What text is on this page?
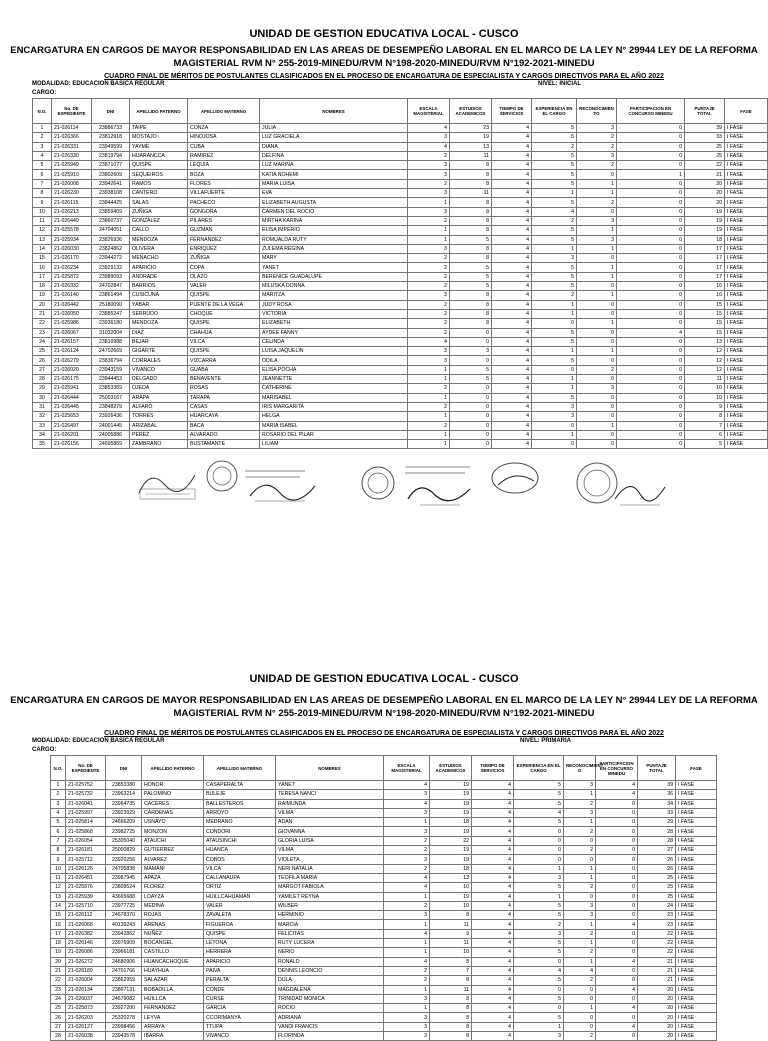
UNIDAD DE GESTION EDUCATIVA LOCAL - CUSCO
ENCARGATURA EN CARGOS DE MAYOR RESPONSABILIDAD EN LAS AREAS DE DESEMPEÑO LABORAL EN EL MARCO DE LA LEY N° 29944 LEY DE LA REFORMA MAGISTERIAL RVM N° 255-2019-MINEDU/RVM N°198-2020-MINEDU/RVM N°192-2021-MINEDU
CUADRO FINAL DE MÉRITOS DE POSTULANTES CLASIFICADOS EN EL PROCESO DE ENCARGATURA DE ESPECIALISTA Y CARGOS DIRECTIVOS PARA EL AÑO 2022
MODALIDAD: EDUCACION BASICA REGULAR	NIVEL: INICIAL
CARGO:
N.O.	No. DE EXPEDIENTE	DNI	APELLIDO PATERNO	APELLIDO MATERNO	NOMBRES	ESCALA MAGISTERIAL	ESTUDIOS ACADEMICOS	TIEMPO DE SERVICIOS	EXPERIENCIA EN EL CARGO	RECONOCIMIEN TO	PARTICIPACION EN CONCURSO MINEDU	PUNTAJE TOTAL	FASE
1	21-026114	23886733	TAIPE	CONZA	JULIA	4	23	4	5	3	0	39	I FASE
2	21-026366	23812918	MOSTAJO	HINOJOSA	LUZ GRACIELA	3	19	4	5	2	0	33	I FASE
3	21-026331	23949599	YAYME	CUBA	DIANA	4	13	4	2	2	0	25	I FASE
4	21-026330	23819794	HUARANCCA	RAMIREZ	DELFINA	2	11	4	5	3	0	25	I FASE
5	21-025949	23871077	QUISPE	LEQUIA	LUZ MARINA	3	8	4	5	2	0	22	I FASE
6	21-025910	23802609	SEQUEIROS	BOZA	KATIA NOHEMI	3	8	4	5	0	1	21	I FASE
7	21-026008	23942641	RAMOS	FLORES	MARIA LUISA	2	8	4	5	1	0	20	I FASE
8	21-026230	23938108	CANTERO	VILLAFUERTE	EVA	3	11	4	1	1	0	20	I FASE
9	21-026115	23844425	SALAS	PACHECO	ELIZABETH AUGUSTA	1	8	4	5	2	0	20	I FASE
10	21-026213	23859409	ZUÑIGA	GONGORA	CARMEN DEL ROCIO	3	8	4	4	0	0	19	I FASE
11	21-026449	23860737	GONZALEZ	PILARES	MIRTHA KARINA	2	8	4	2	3	0	19	I FASE
12	21-025578	24704051	CALLO	GUZMAN	ELISA IMPERIO	1	8	4	5	1	0	19	I FASE
13	21-025934	23826936	MENDOZA	FERNANDEZ	ROMUALDA RUTY	1	5	4	5	3	0	18	I FASE
14	21-026030	23824862	OLIVERA	ENRIQUEZ	ZULEMA REGINA	3	8	4	1	1	0	17	I FASE
15	21-026170	23944272	MENACHO	ZUÑIGA	MARY	2	8	4	3	0	0	17	I FASE
16	21-026234	23929132	APARICIO	COPA	YANET	2	5	4	5	1	0	17	I FASE
17	21-025872	23989093	ANDRADE	OLAZO	BERENICE GUADALUPE	2	5	4	5	1	0	17	I FASE
18	21-026332	24702847	BARRIOS	VALER	MILUSKA DONNA	2	5	4	5	0	0	16	I FASE
19	21-026140	23861494	CUSICUNA	QUISPE	MARITZA	3	8	4	2	1	0	16	I FASE
20	21-026442	25180090	YABAR	PUENTE DE LA VEGA	JUDY ROSA	2	8	4	1	0	0	15	I FASE
21	21-026050	23885247	SERRUDO	CHOQUE	VICTORIA	2	8	4	1	0	0	15	I FASE
22	21-025986	23936180	MENDOZA	QUISPE	ELIZABETH	2	8	4	0	1	0	15	I FASE
23	21-026067	31032004	DIAZ	CHAHUA	AYDEE FANNY	2	0	4	5	0	4	15	I FASE
24	21-026157	23810988	BEJAR	VILCA	CELINDA	4	0	4	5	0	0	13	I FASE
25	21-026124	24702669	GIGARTE	QUISPE	LUISA JAQUELIN	3	3	4	1	1	0	12	I FASE
26	21-026279	23836794	CORRALES	VIZCARRA	ODILA	3	0	4	5	0	0	12	I FASE
27	21-026020	23943159	VIVANCO	GUABA	ELISA POCHA	1	5	4	0	2	0	12	I FASE
28	21-026175	23944453	DELGADO	BENAVENTE	JEANNETTE	1	5	4	1	0	0	11	I FASE
29	21-025941	23853369	OJEDA	ROSAS	CATHERINE	2	0	4	1	3	0	10	I FASE
30	21-026444	25003167	ARAPA	TARAPA	MARISABEL	1	0	4	5	0	0	10	I FASE
31	21-026445	23848279	ALFARO	CASAS	IRIS MARGARITA	2	0	4	3	0	0	9	I FASE
32	21-025653	23926436	TORRES	HUARCAYA	HELGA	1	0	4	3	0	0	8	I FASE
33	21-026497	24001445	ARIZABAL	BACA	MARIA ISABEL	2	0	4	0	1	0	7	I FASE
34	21-026201	24005886	PEREZ	ALVARADO	ROSARIO DEL PILAR	1	0	4	1	0	0	6	I FASE
35	21-026156	24695869	ZAMBRANO	BUSTAMANTE	LILIAM	1	0	4	0	0	0	5	I FASE
UNIDAD DE GESTION EDUCATIVA LOCAL - CUSCO
ENCARGATURA EN CARGOS DE MAYOR RESPONSABILIDAD EN LAS AREAS DE DESEMPEÑO LABORAL EN EL MARCO DE LA LEY N° 29944 LEY DE LA REFORMA MAGISTERIAL RVM N° 255-2019-MINEDU/RVM N°198-2020-MINEDU/RVM N°192-2021-MINEDU
CUADRO FINAL DE MÉRITOS DE POSTULANTES CLASIFICADOS EN EL PROCESO DE ENCARGATURA DE ESPECIALISTA Y CARGOS DIRECTIVOS PARA EL AÑO 2022
MODALIDAD: EDUCACION BASICA REGULAR	NIVEL: PRIMARIA
CARGO:
N.O.	No. DE EXPEDIENTE	DNI	APELLIDO PATERNO	APELLIDO MATERNO	NOMBRES	ESCALA MAGISTERIAL	ESTUDIOS ACADEMICOS	TIEMPO DE SERVICIOS	EXPERIENCIA EN EL CARGO	RECONOCIMIENT O	PARTICIPACION EN CONCURSO MINEDU	PUNTAJE TOTAL	FASE
1	21-025752	23853380	HONOR	CASAPERALTA	YANET	4	19	4	5	3	4	39	I FASE
2	21-025732	23963214	PALOMINO	BULEJE	TERESA NANCI	3	19	4	5	1	4	36	I FASE
3	21-026041	23964735	CACERES	BALLESTEROS	RAIMUNDA	4	19	4	5	2	0	34	I FASE
4	21-025997	23923929	CARDENAS	ARROYO	VILMA	3	19	4	4	3	0	33	I FASE
5	21-025814	24666209	USNAYO	MEDRANO	ADAN	1	18	4	5	1	0	29	I FASE
6	21-025868	23982725	MONZON	CONDORI	GIOVANNA	3	19	4	0	2	0	28	I FASE
7	21-026054	25305040	ATAUCHI	ATAUSINCHI	GLORIA LUISA	2	22	4	0	0	0	28	I FASE
8	21-026181	25000829	GUTIERREZ	HUANCA	VILMA	2	19	4	0	2	0	27	I FASE
9	21-025712	23920256	ALVAREZ	COBOS	VIOLETA	3	19	4	0	0	0	26	I FASE
10	21-026126	24705838	MAMANI	VILCA	NERI NATALIA	2	18	4	1	1	0	26	I FASE
11	21-026451	23987945	APAZA	CALLANAUPA	TEOFILA MARIA	4	13	4	3	1	0	25	I FASE
12	21-025876	23809524	FLOREZ	ORTIZ	MARGOT FABIOLA	4	10	4	5	2	0	25	I FASE
13	21-025939	43665688	LOAYZA	HUILLCAHUAMAN	YAMILET REYNA	1	19	4	1	0	0	25	I FASE
14	21-025710	23977725	MEDINA	VALER	WILBER	2	10	4	5	3	0	24	I FASE
15	21-026112	24678370	ROJAS	ZAVALETA	HERMINIO	3	8	4	5	3	0	23	I FASE
16	21-026068	40139243	ARENAS	FIGUEROA	MARCIA	1	11	4	2	1	4	23	I FASE
17	21-026382	23942862	NUÑEZ	QUISPE	FELICITAS	4	9	4	3	2	0	22	I FASE
18	21-026146	23976909	BOCANGEL	LETONA	RUTY LUCERA	1	11	4	5	1	0	22	I FASE
19	21-026086	23966181	CASTILLO	HERRERA	NERIO	1	10	4	5	2	0	22	I FASE
20	21-026272	24680906	HUANCACHOQUE	APARICIO	RONALD	4	8	4	0	1	4	21	I FASE
21	21-026189	24701766	HUAYHUA	PAIVA	DENNIS LEONCIO	2	7	4	4	4	0	21	I FASE
22	21-026004	23862959	SALAZAR	PERALTA	DULA	2	8	4	5	2	0	21	I FASE
23	21-026134	23867131	BOBADILLA	CONDE	MAGDALENA	1	11	4	0	0	4	20	I FASE
24	21-026037	24679082	HUILLCA	CURSE	TRINIDAD MONICA	3	8	4	5	0	0	20	I FASE
25	21-025873	23927200	FERNANDEZ	GARCIA	ROCIO	1	8	4	0	1	4	20	I FASE
26	21-026203	25320278	LEYVA	CCORIMANYA	ADRIANA	3	8	4	5	0	0	20	I FASE
27	21-026127	23998456	ARRAYA	TTUPA	VANDI FRANCIS	3	8	4	1	0	4	20	I FASE
28	21-026038	23943578	IBARRA	VIVANCO	FLORINDA	3	8	4	3	2	0	20	I FASE
